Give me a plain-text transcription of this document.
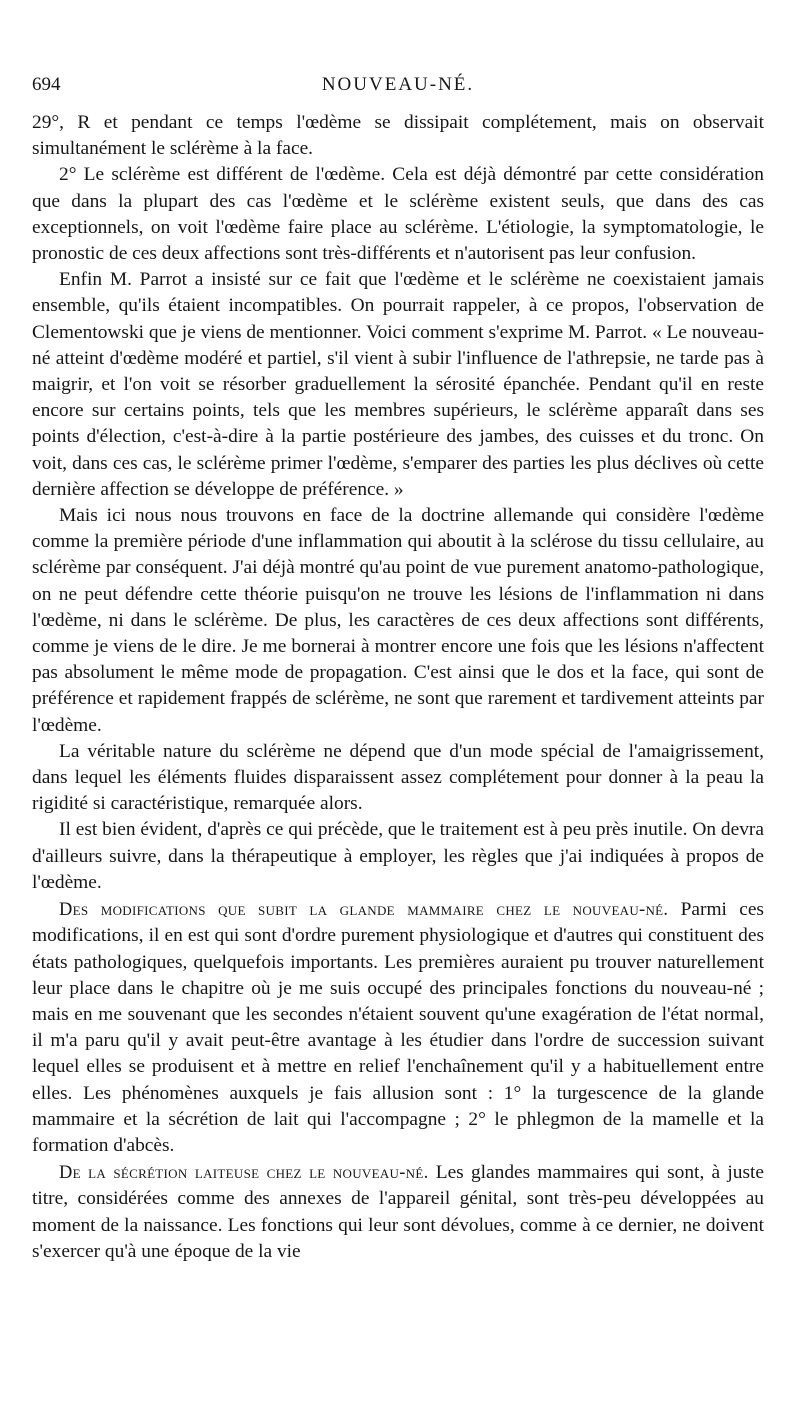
694	NOUVEAU-NÉ.

29°, R et pendant ce temps l'œdème se dissipait complétement, mais on observait simultanément le sclérème à la face.

2° Le sclérème est différent de l'œdème. Cela est déjà démontré par cette considération que dans la plupart des cas l'œdème et le sclérème existent seuls, que dans des cas exceptionnels, on voit l'œdème faire place au sclérème. L'étiologie, la symptomatologie, le pronostic de ces deux affections sont très-différents et n'autorisent pas leur confusion.

Enfin M. Parrot a insisté sur ce fait que l'œdème et le sclérème ne coexistaient jamais ensemble, qu'ils étaient incompatibles. On pourrait rappeler, à ce propos, l'observation de Clementowski que je viens de mentionner. Voici comment s'exprime M. Parrot. « Le nouveau-né atteint d'œdème modéré et partiel, s'il vient à subir l'influence de l'athrepsie, ne tarde pas à maigrir, et l'on voit se résorber graduellement la sérosité épanchée. Pendant qu'il en reste encore sur certains points, tels que les membres supérieurs, le sclérème apparaît dans ses points d'élection, c'est-à-dire à la partie postérieure des jambes, des cuisses et du tronc. On voit, dans ces cas, le sclérème primer l'œdème, s'emparer des parties les plus déclives où cette dernière affection se développe de préférence. »

Mais ici nous nous trouvons en face de la doctrine allemande qui considère l'œdème comme la première période d'une inflammation qui aboutit à la sclérose du tissu cellulaire, au sclérème par conséquent. J'ai déjà montré qu'au point de vue purement anatomo-pathologique, on ne peut défendre cette théorie puisqu'on ne trouve les lésions de l'inflammation ni dans l'œdème, ni dans le sclérème. De plus, les caractères de ces deux affections sont différents, comme je viens de le dire. Je me bornerai à montrer encore une fois que les lésions n'affectent pas absolument le même mode de propagation. C'est ainsi que le dos et la face, qui sont de préférence et rapidement frappés de sclérème, ne sont que rarement et tardivement atteints par l'œdème.

La véritable nature du sclérème ne dépend que d'un mode spécial de l'amaigrissement, dans lequel les éléments fluides disparaissent assez complétement pour donner à la peau la rigidité si caractéristique, remarquée alors.

Il est bien évident, d'après ce qui précède, que le traitement est à peu près inutile. On devra d'ailleurs suivre, dans la thérapeutique à employer, les règles que j'ai indiquées à propos de l'œdème.

Des modifications que subit la glande mammaire chez le nouveau-né. Parmi ces modifications, il en est qui sont d'ordre purement physiologique et d'autres qui constituent des états pathologiques, quelquefois importants. Les premières auraient pu trouver naturellement leur place dans le chapitre où je me suis occupé des principales fonctions du nouveau-né ; mais en me souvenant que les secondes n'étaient souvent qu'une exagération de l'état normal, il m'a paru qu'il y avait peut-être avantage à les étudier dans l'ordre de succession suivant lequel elles se produisent et à mettre en relief l'enchaînement qu'il y a habituellement entre elles. Les phénomènes auxquels je fais allusion sont : 1° la turgescence de la glande mammaire et la sécrétion de lait qui l'accompagne ; 2° le phlegmon de la mamelle et la formation d'abcès.

De la sécrétion laiteuse chez le nouveau-né. Les glandes mammaires qui sont, à juste titre, considérées comme des annexes de l'appareil génital, sont très-peu développées au moment de la naissance. Les fonctions qui leur sont dévolues, comme à ce dernier, ne doivent s'exercer qu'à une époque de la vie
